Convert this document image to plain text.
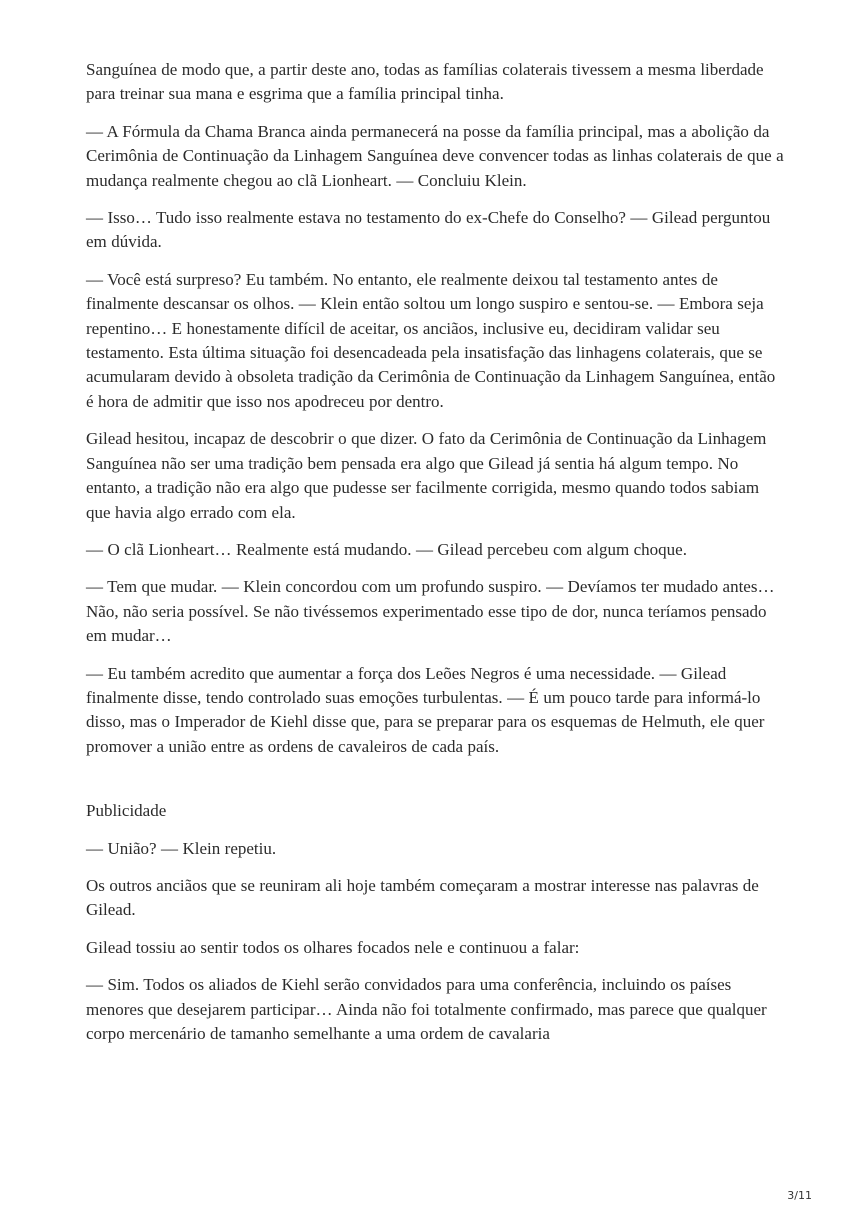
Sanguínea de modo que, a partir deste ano, todas as famílias colaterais tivessem a mesma liberdade para treinar sua mana e esgrima que a família principal tinha.

— A Fórmula da Chama Branca ainda permanecerá na posse da família principal, mas a abolição da Cerimônia de Continuação da Linhagem Sanguínea deve convencer todas as linhas colaterais de que a mudança realmente chegou ao clã Lionheart. — Concluiu Klein.

— Isso… Tudo isso realmente estava no testamento do ex-Chefe do Conselho? — Gilead perguntou em dúvida.

— Você está surpreso? Eu também. No entanto, ele realmente deixou tal testamento antes de finalmente descansar os olhos. — Klein então soltou um longo suspiro e sentou-se. — Embora seja repentino… E honestamente difícil de aceitar, os anciãos, inclusive eu, decidiram validar seu testamento. Esta última situação foi desencadeada pela insatisfação das linhagens colaterais, que se acumularam devido à obsoleta tradição da Cerimônia de Continuação da Linhagem Sanguínea, então é hora de admitir que isso nos apodreceu por dentro.

Gilead hesitou, incapaz de descobrir o que dizer. O fato da Cerimônia de Continuação da Linhagem Sanguínea não ser uma tradição bem pensada era algo que Gilead já sentia há algum tempo. No entanto, a tradição não era algo que pudesse ser facilmente corrigida, mesmo quando todos sabiam que havia algo errado com ela.

— O clã Lionheart… Realmente está mudando. — Gilead percebeu com algum choque.

— Tem que mudar. — Klein concordou com um profundo suspiro. — Devíamos ter mudado antes… Não, não seria possível. Se não tivéssemos experimentado esse tipo de dor, nunca teríamos pensado em mudar…

— Eu também acredito que aumentar a força dos Leões Negros é uma necessidade. — Gilead finalmente disse, tendo controlado suas emoções turbulentas. — É um pouco tarde para informá-lo disso, mas o Imperador de Kiehl disse que, para se preparar para os esquemas de Helmuth, ele quer promover a união entre as ordens de cavaleiros de cada país.

Publicidade

— União? — Klein repetiu.

Os outros anciãos que se reuniram ali hoje também começaram a mostrar interesse nas palavras de Gilead.

Gilead tossiu ao sentir todos os olhares focados nele e continuou a falar:

— Sim. Todos os aliados de Kiehl serão convidados para uma conferência, incluindo os países menores que desejarem participar… Ainda não foi totalmente confirmado, mas parece que qualquer corpo mercenário de tamanho semelhante a uma ordem de cavalaria

3/11
